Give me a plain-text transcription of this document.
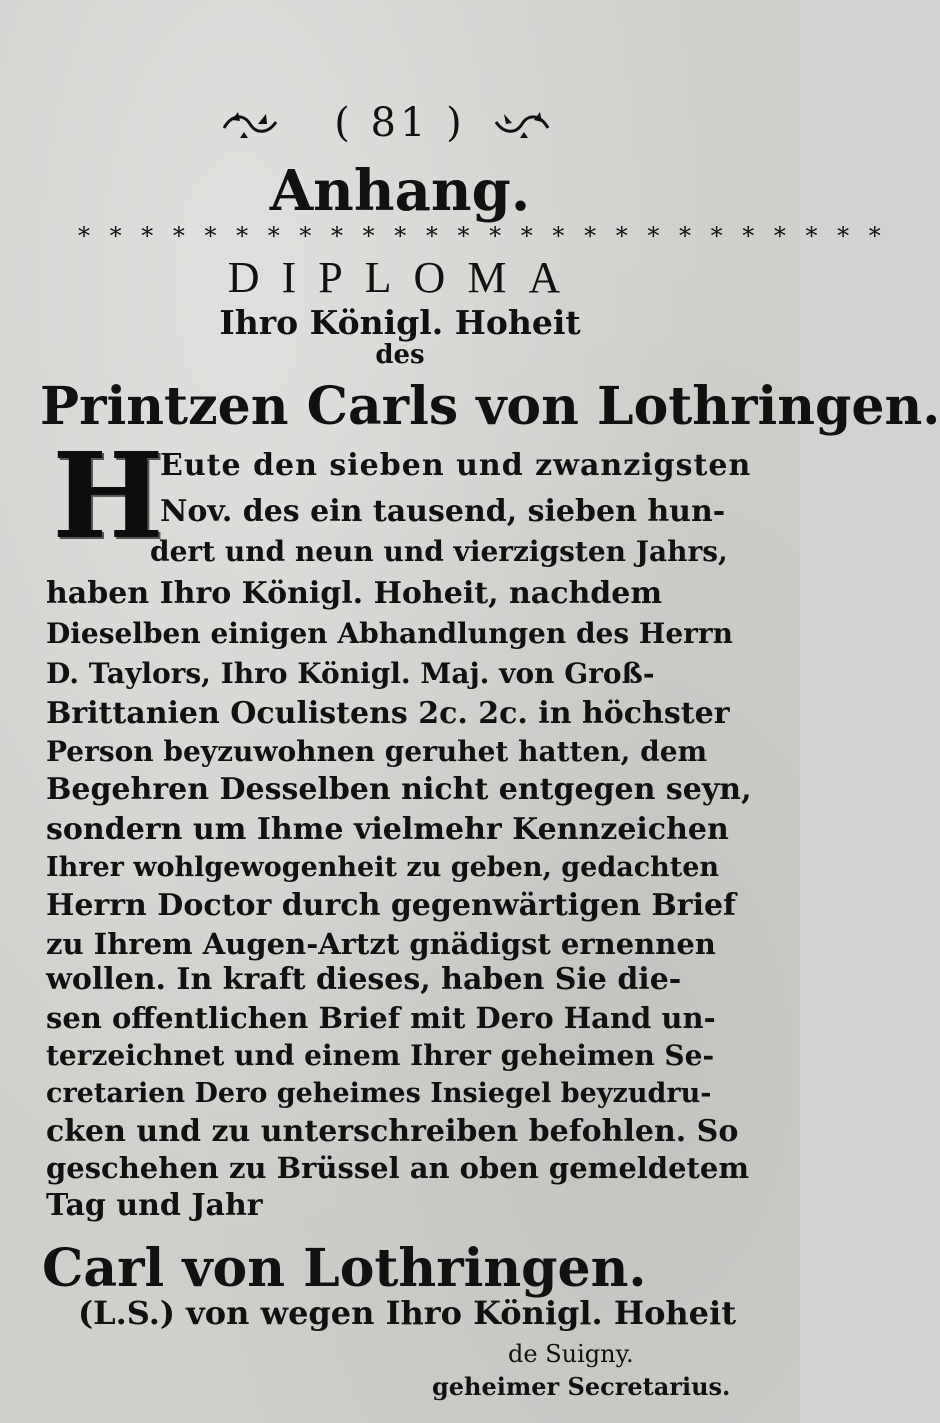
( 81 )
Anhang.
* * * * * * * * * * * * * * * * * * * * * * * * * *
DIPLOMA
Ihro Königl. Hoheit
des
Printzen Carls von Lothringen.
H
Eute den sieben und zwanzigsten
Nov. des ein tausend, sieben hun-
dert und neun und vierzigsten Jahrs,
haben Ihro Königl. Hoheit, nachdem
Dieselben einigen Abhandlungen des Herrn
D. Taylors, Ihro Königl. Maj. von Groß-
Brittanien Oculistens 2c. 2c. in höchster
Person beyzuwohnen geruhet hatten, dem
Begehren Desselben nicht entgegen seyn,
sondern um Ihme vielmehr Kennzeichen
Ihrer wohlgewogenheit zu geben, gedachten
Herrn Doctor durch gegenwärtigen Brief
zu Ihrem Augen-Artzt gnädigst ernennen
wollen. In kraft dieses, haben Sie die-
sen offentlichen Brief mit Dero Hand un-
terzeichnet und einem Ihrer geheimen Se-
cretarien Dero geheimes Insiegel beyzudru-
cken und zu unterschreiben befohlen. So
geschehen zu Brüssel an oben gemeldetem
Tag und Jahr
Carl von Lothringen.
(L.S.) von wegen Ihro Königl. Hoheit
de Suigny.
geheimer Secretarius.
